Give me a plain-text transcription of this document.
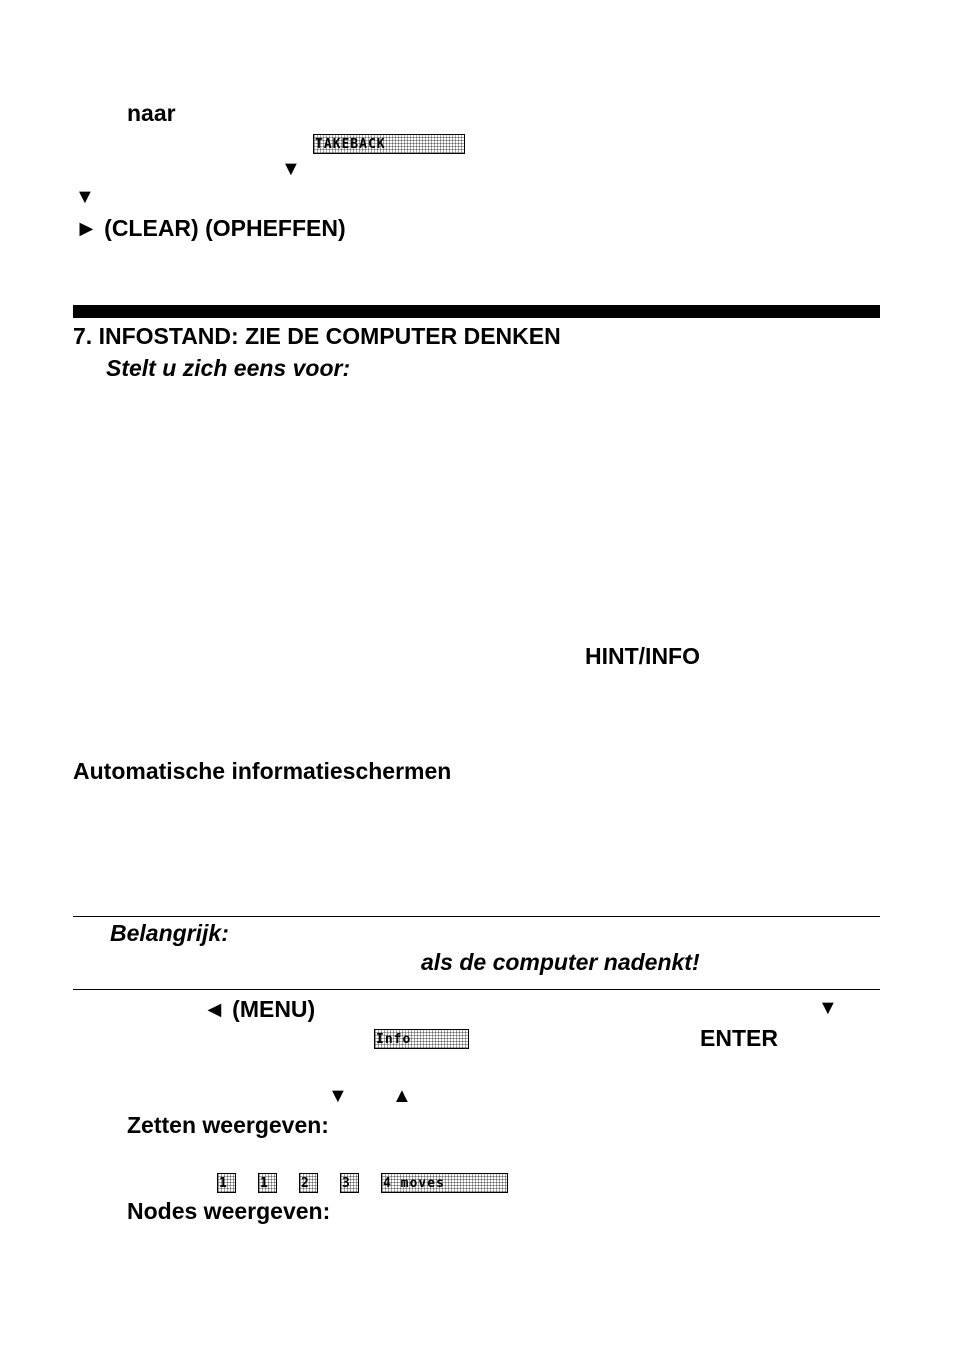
naar
TAKEBACK
▼
▼
► (CLEAR) (OPHEFFEN)
7. INFOSTAND: ZIE DE COMPUTER DENKEN
Stelt u zich eens voor:
HINT/INFO
Automatische informatieschermen
Belangrijk:
als de computer nadenkt!
◄ (MENU)	▼
Info	ENTER
▼ ▲
Zetten weergeven:
1	1	2	3	4 moves
Nodes weergeven:
